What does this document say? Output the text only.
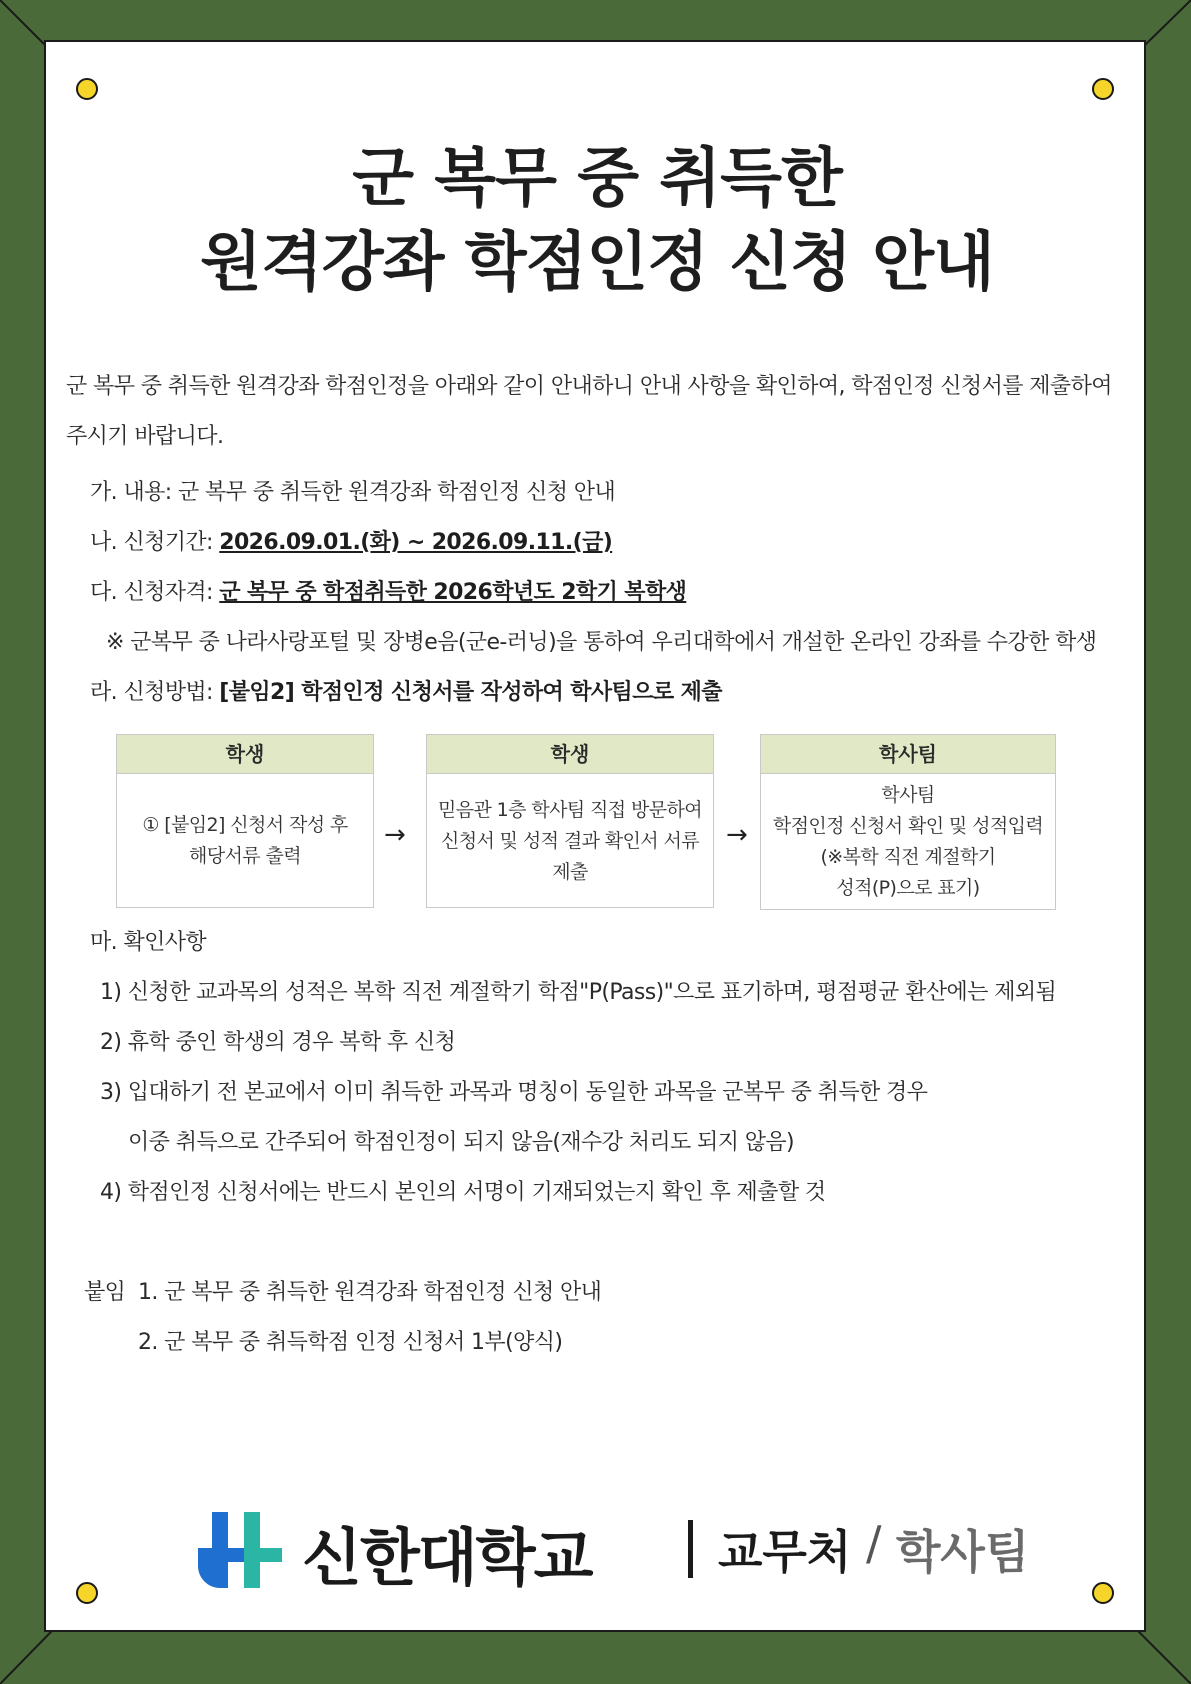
군 복무 중 취득한
원격강좌 학점인정 신청 안내
군 복무 중 취득한 원격강좌 학점인정을 아래와 같이 안내하니 안내 사항을 확인하여, 학점인정 신청서를 제출하여 주시기 바랍니다.
가. 내용: 군 복무 중 취득한 원격강좌 학점인정 신청 안내
나. 신청기간: 2026.09.01.(화) ~ 2026.09.11.(금)
다. 신청자격: 군 복무 중 학점취득한 2026학년도 2학기 복학생
※ 군복무 중 나라사랑포털 및 장병e음(군e-러닝)을 통하여 우리대학에서 개설한 온라인 강좌를 수강한 학생
라. 신청방법: [붙임2] 학점인정 신청서를 작성하여 학사팀으로 제출
학생
① [붙임2] 신청서 작성 후
해당서류 출력
→
학생
믿음관 1층 학사팀 직접 방문하여
신청서 및 성적 결과 확인서 서류
제출
→
학사팀
학사팀
학점인정 신청서 확인 및 성적입력
(※복학 직전 계절학기
성적(P)으로 표기)
마. 확인사항
1) 신청한 교과목의 성적은 복학 직전 계절학기 학점"P(Pass)"으로 표기하며, 평점평균 환산에는 제외됨
2) 휴학 중인 학생의 경우 복학 후 신청
3) 입대하기 전 본교에서 이미 취득한 과목과 명칭이 동일한 과목을 군복무 중 취득한 경우
이중 취득으로 간주되어 학점인정이 되지 않음(재수강 처리도 되지 않음)
4) 학점인정 신청서에는 반드시 본인의 서명이 기재되었는지 확인 후 제출할 것
붙임 1. 군 복무 중 취득한 원격강좌 학점인정 신청 안내
2. 군 복무 중 취득학점 인정 신청서 1부(양식)
신한대학교	교무처 / 학사팀
